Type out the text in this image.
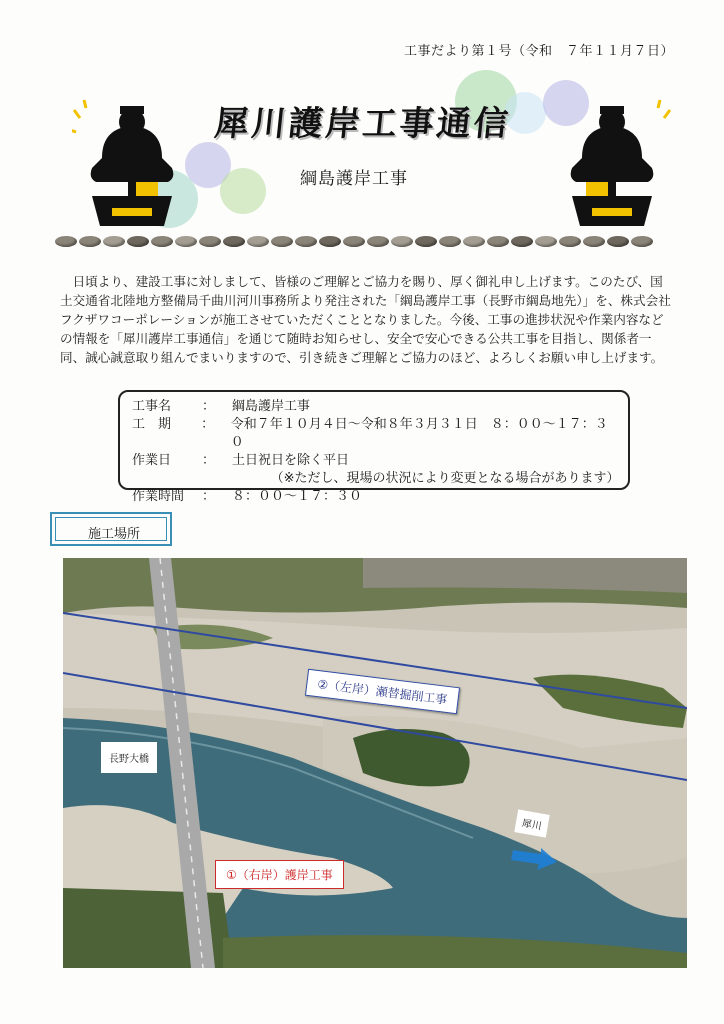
工事だより第１号（令和　７年１１月７日）
犀川護岸工事通信
綱島護岸工事
日頃より、建設工事に対しまして、皆様のご理解とご協力を賜り、厚く御礼申し上げます。このたび、国土交通省北陸地方整備局千曲川河川事務所より発注された「綱島護岸工事（長野市綱島地先）」を、株式会社フクザワコーポレーションが施工させていただくこととなりました。今後、工事の進捗状況や作業内容などの情報を「犀川護岸工事通信」を通じて随時お知らせし、安全で安心できる公共工事を目指し、関係者一同、誠心誠意取り組んでまいりますので、引き続きご理解とご協力のほど、よろしくお願い申し上げます。
工事名	：	綱島護岸工事
工　期	：	令和７年１０月４日～令和８年３月３１日　８：００～１７：３０
作業日	：	土日祝日を除く平日
（※ただし、現場の状況により変更となる場合があります）
作業時間	：	８：００～１７：３０
施工場所
②（左岸）瀬替掘削工事
①（右岸）護岸工事
長野大橋
犀川
